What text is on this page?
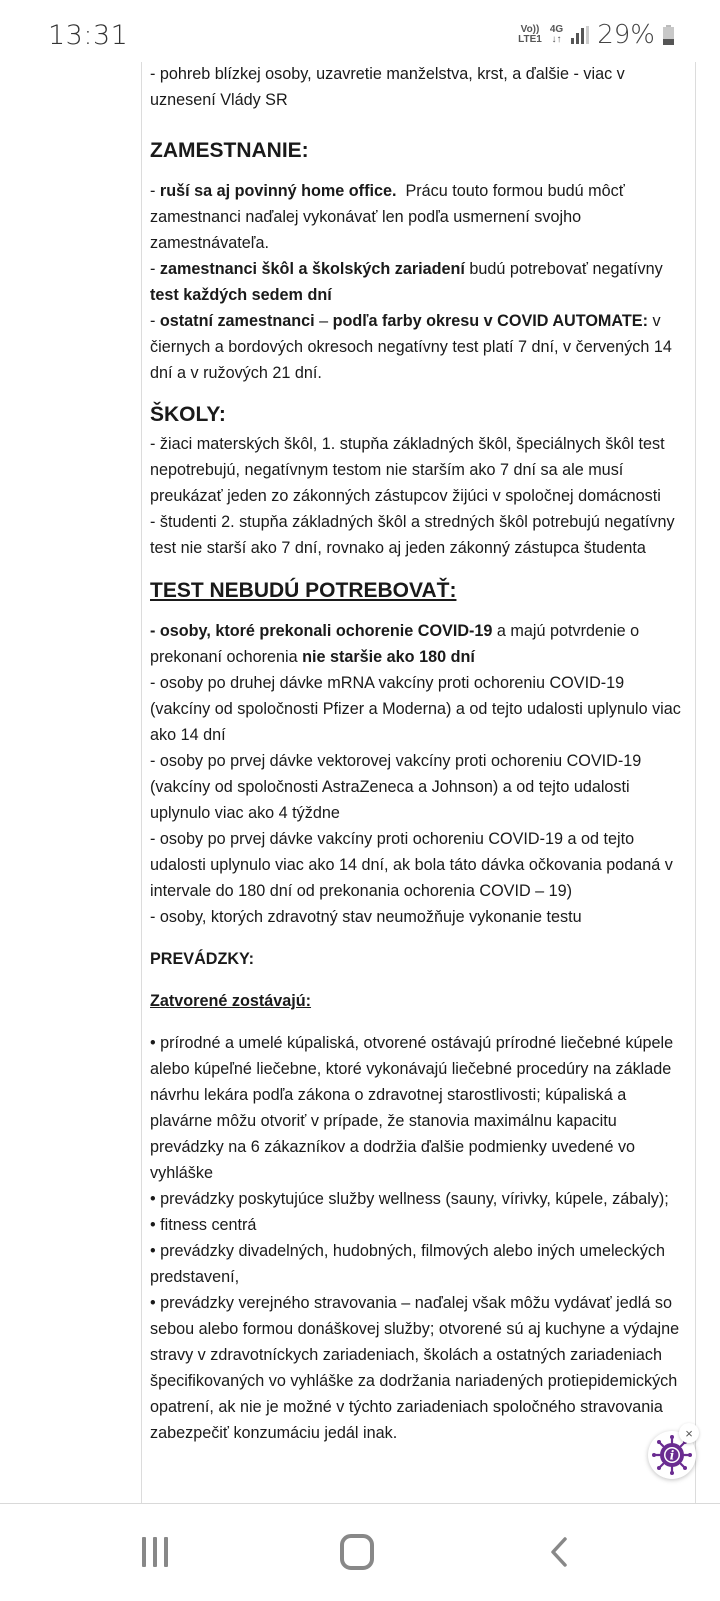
13:31	Vo))
LTE1
4G
↓↑ 29%

- pohreb blízkej osoby, uzavretie manželstva, krst, a ďalšie - viac v uznesení Vlády SR

ZAMESTNANIE:

- ruší sa aj povinný home office.  Prácu touto formou budú môcť zamestnanci naďalej vykonávať len podľa usmernení svojho zamestnávateľa.

- zamestnanci škôl a školských zariadení budú potrebovať negatívny test každých sedem dní

- ostatní zamestnanci – podľa farby okresu v COVID AUTOMATE: v čiernych a bordových okresoch negatívny test platí 7 dní, v červených 14 dní a v ružových 21 dní.

ŠKOLY:

- žiaci materských škôl, 1. stupňa základných škôl, špeciálnych škôl test nepotrebujú, negatívnym testom nie starším ako 7 dní sa ale musí preukázať jeden zo zákonných zástupcov žijúci v spoločnej domácnosti

- študenti 2. stupňa základných škôl a stredných škôl potrebujú negatívny test nie starší ako 7 dní, rovnako aj jeden zákonný zástupca študenta

TEST NEBUDÚ POTREBOVAŤ:

- osoby, ktoré prekonali ochorenie COVID-19 a majú potvrdenie o prekonaní ochorenia nie staršie ako 180 dní

- osoby po druhej dávke mRNA vakcíny proti ochoreniu COVID-19 (vakcíny od spoločnosti Pfizer a Moderna) a od tejto udalosti uplynulo viac ako 14 dní

- osoby po prvej dávke vektorovej vakcíny proti ochoreniu COVID-19 (vakcíny od spoločnosti AstraZeneca a Johnson) a od tejto udalosti uplynulo viac ako 4 týždne

- osoby po prvej dávke vakcíny proti ochoreniu COVID-19 a od tejto udalosti uplynulo viac ako 14 dní, ak bola táto dávka očkovania podaná v intervale do 180 dní od prekonania ochorenia COVID – 19)

- osoby, ktorých zdravotný stav neumožňuje vykonanie testu

PREVÁDZKY:

Zatvorené zostávajú:

• prírodné a umelé kúpaliská, otvorené ostávajú prírodné liečebné kúpele alebo kúpeľné liečebne, ktoré vykonávajú liečebné procedúry na základe návrhu lekára podľa zákona o zdravotnej starostlivosti; kúpaliská a plavárne môžu otvoriť v prípade, že stanovia maximálnu kapacitu prevádzky na 6 zákazníkov a dodržia ďalšie podmienky uvedené vo vyhláške

• prevádzky poskytujúce služby wellness (sauny, vírivky, kúpele, zábaly);

• fitness centrá

• prevádzky divadelných, hudobných, filmových alebo iných umeleckých predstavení,

• prevádzky verejného stravovania – naďalej však môžu vydávať jedlá so sebou alebo formou donáškovej služby; otvorené sú aj kuchyne a výdajne stravy v zdravotníckych zariadeniach, školách a ostatných zariadeniach špecifikovaných vo vyhláške za dodržania nariadených protiepidemických opatrení, ak nie je možné v týchto zariadeniach spoločného stravovania zabezpečiť konzumáciu jedál inak.

i
×
